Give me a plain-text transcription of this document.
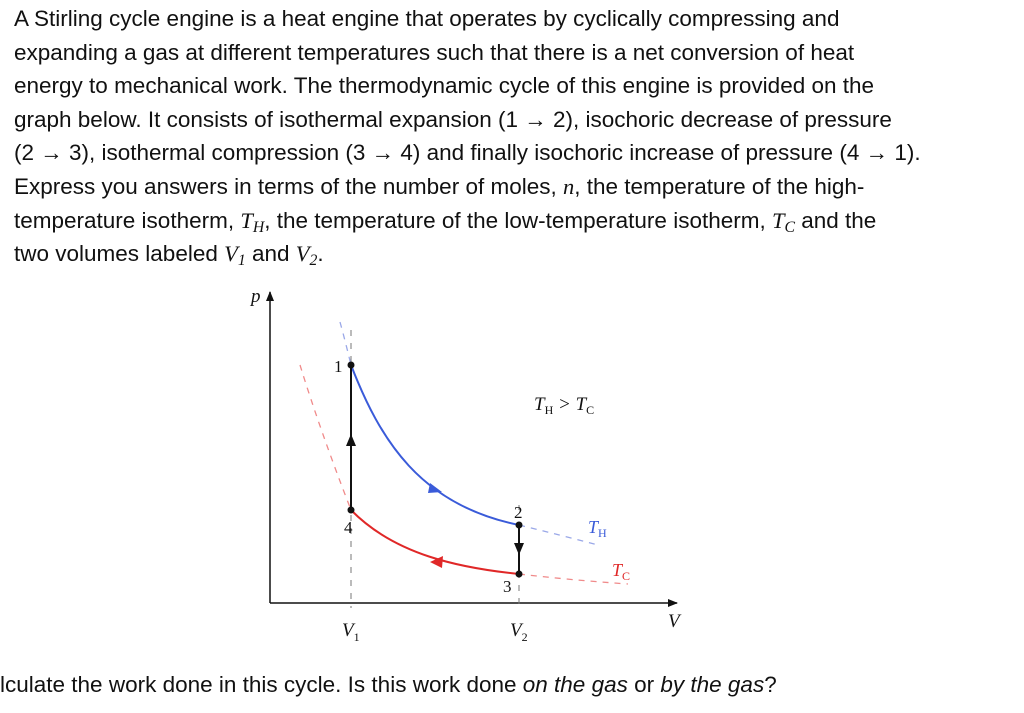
A Stirling cycle engine is a heat engine that operates by cyclically compressing and
expanding a gas at different temperatures such that there is a net conversion of heat
energy to mechanical work. The thermodynamic cycle of this engine is provided on the
graph below. It consists of isothermal expansion (1 → 2), isochoric decrease of pressure
(2 → 3), isothermal compression (3 → 4) and finally isochoric increase of pressure (4 → 1).
Express you answers in terms of the number of moles, n, the temperature of the high-
temperature isotherm, $T_H$, the temperature of the low-temperature isotherm, $T_C$ and the
two volumes labeled $V_1$ and $V_2$.
p
V
1
2
3
4
$V_1$	$V_2$
$T_H > T_C$
$T_H$
$T_C$
lculate the work done in this cycle. Is this work done on the gas or by the gas?
